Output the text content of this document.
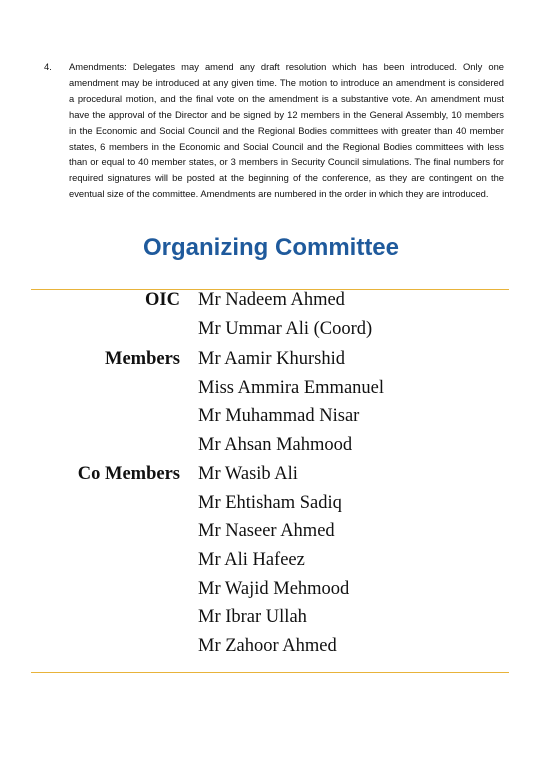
4.	Amendments: Delegates may amend any draft resolution which has been introduced. Only one amendment may be introduced at any given time. The motion to introduce an amendment is considered a procedural motion, and the final vote on the amendment is a substantive vote. An amendment must have the approval of the Director and be signed by 12 members in the General Assembly, 10 members in the Economic and Social Council and the Regional Bodies committees with greater than 40 member states, 6 members in the Economic and Social Council and the Regional Bodies committees with less than or equal to 40 member states, or 3 members in Security Council simulations. The final numbers for required signatures will be posted at the beginning of the conference, as they are contingent on the eventual size of the committee. Amendments are numbered in the order in which they are introduced.
Organizing Committee
OIC Mr Nadeem Ahmed
Mr Ummar Ali (Coord)
Members Mr Aamir Khurshid
Miss Ammira Emmanuel
Mr Muhammad Nisar
Mr Ahsan Mahmood
Co Members Mr Wasib Ali
Mr Ehtisham Sadiq
Mr Naseer Ahmed
Mr Ali Hafeez
Mr Wajid Mehmood
Mr Ibrar Ullah
Mr Zahoor Ahmed
